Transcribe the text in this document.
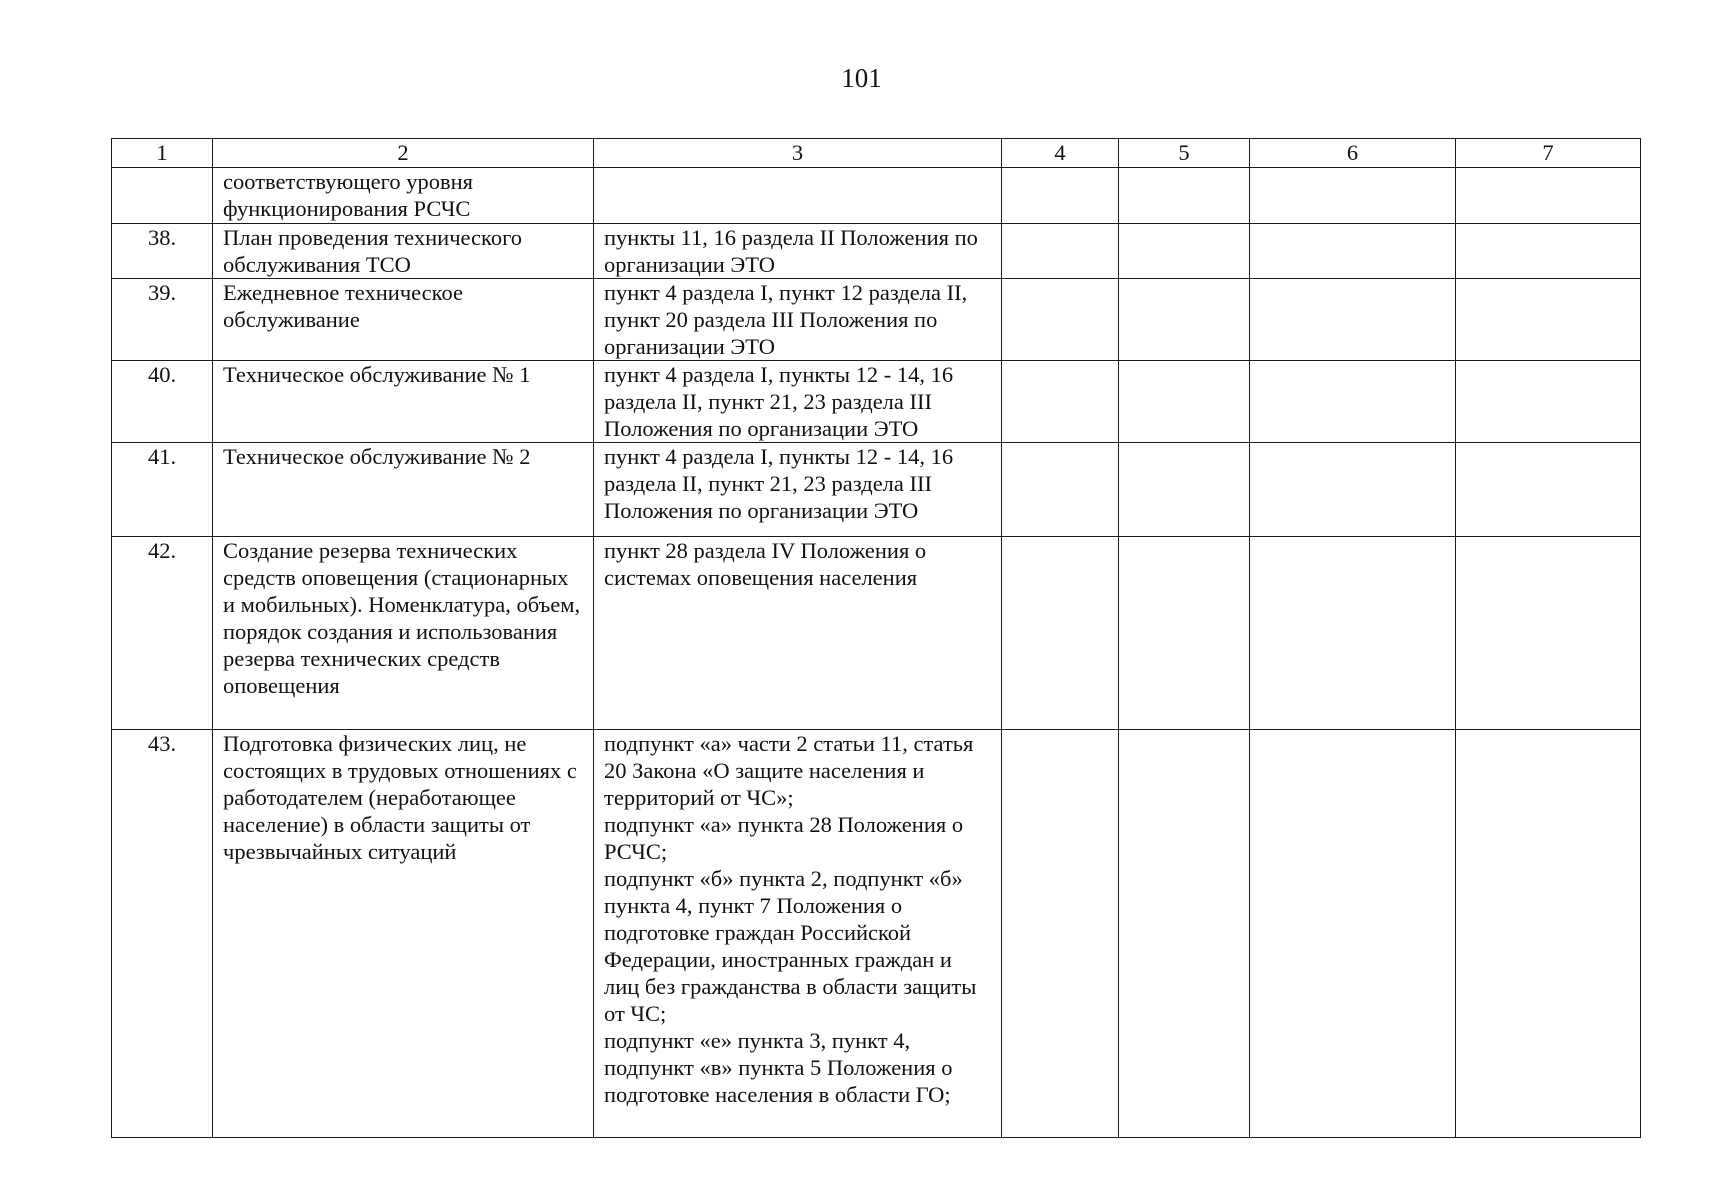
101
1	2	3	4	5	6	7
	соответствующего уровня функционирования РСЧС	

38.	План проведения технического обслуживания ТСО	пункты 11, 16 раздела II Положения по организации ЭТО				

39.	Ежедневное техническое обслуживание	пункт 4 раздела I, пункт 12 раздела II, пункт 20 раздела III Положения по организации ЭТО				

40.	Техническое обслуживание № 1	пункт 4 раздела I, пункты 12 - 14, 16 раздела II, пункт 21, 23 раздела III Положения по организации ЭТО				

41.	Техническое обслуживание № 2	пункт 4 раздела I, пункты 12 - 14, 16 раздела II, пункт 21, 23 раздела III Положения по организации ЭТО				

42.	Создание резерва технических средств оповещения (стационарных и мобильных). Номенклатура, объем, порядок создания и использования резерва технических средств оповещения	пункт 28 раздела IV Положения о системах оповещения населения				

43.	Подготовка физических лиц, не состоящих в трудовых отношениях с работодателем (неработающее население) в области защиты от чрезвычайных ситуаций	подпункт «а» части 2 статьи 11, статья 20 Закона «О защите населения и территорий от ЧС»;
подпункт «а» пункта 28 Положения о РСЧС;
подпункт «б» пункта 2, подпункт «б» пункта 4, пункт 7 Положения о подготовке граждан Российской Федерации, иностранных граждан и лиц без гражданства в области защиты от ЧС;
подпункт «е» пункта 3, пункт 4, подпункт «в» пункта 5 Положения о подготовке населения в области ГО;				
